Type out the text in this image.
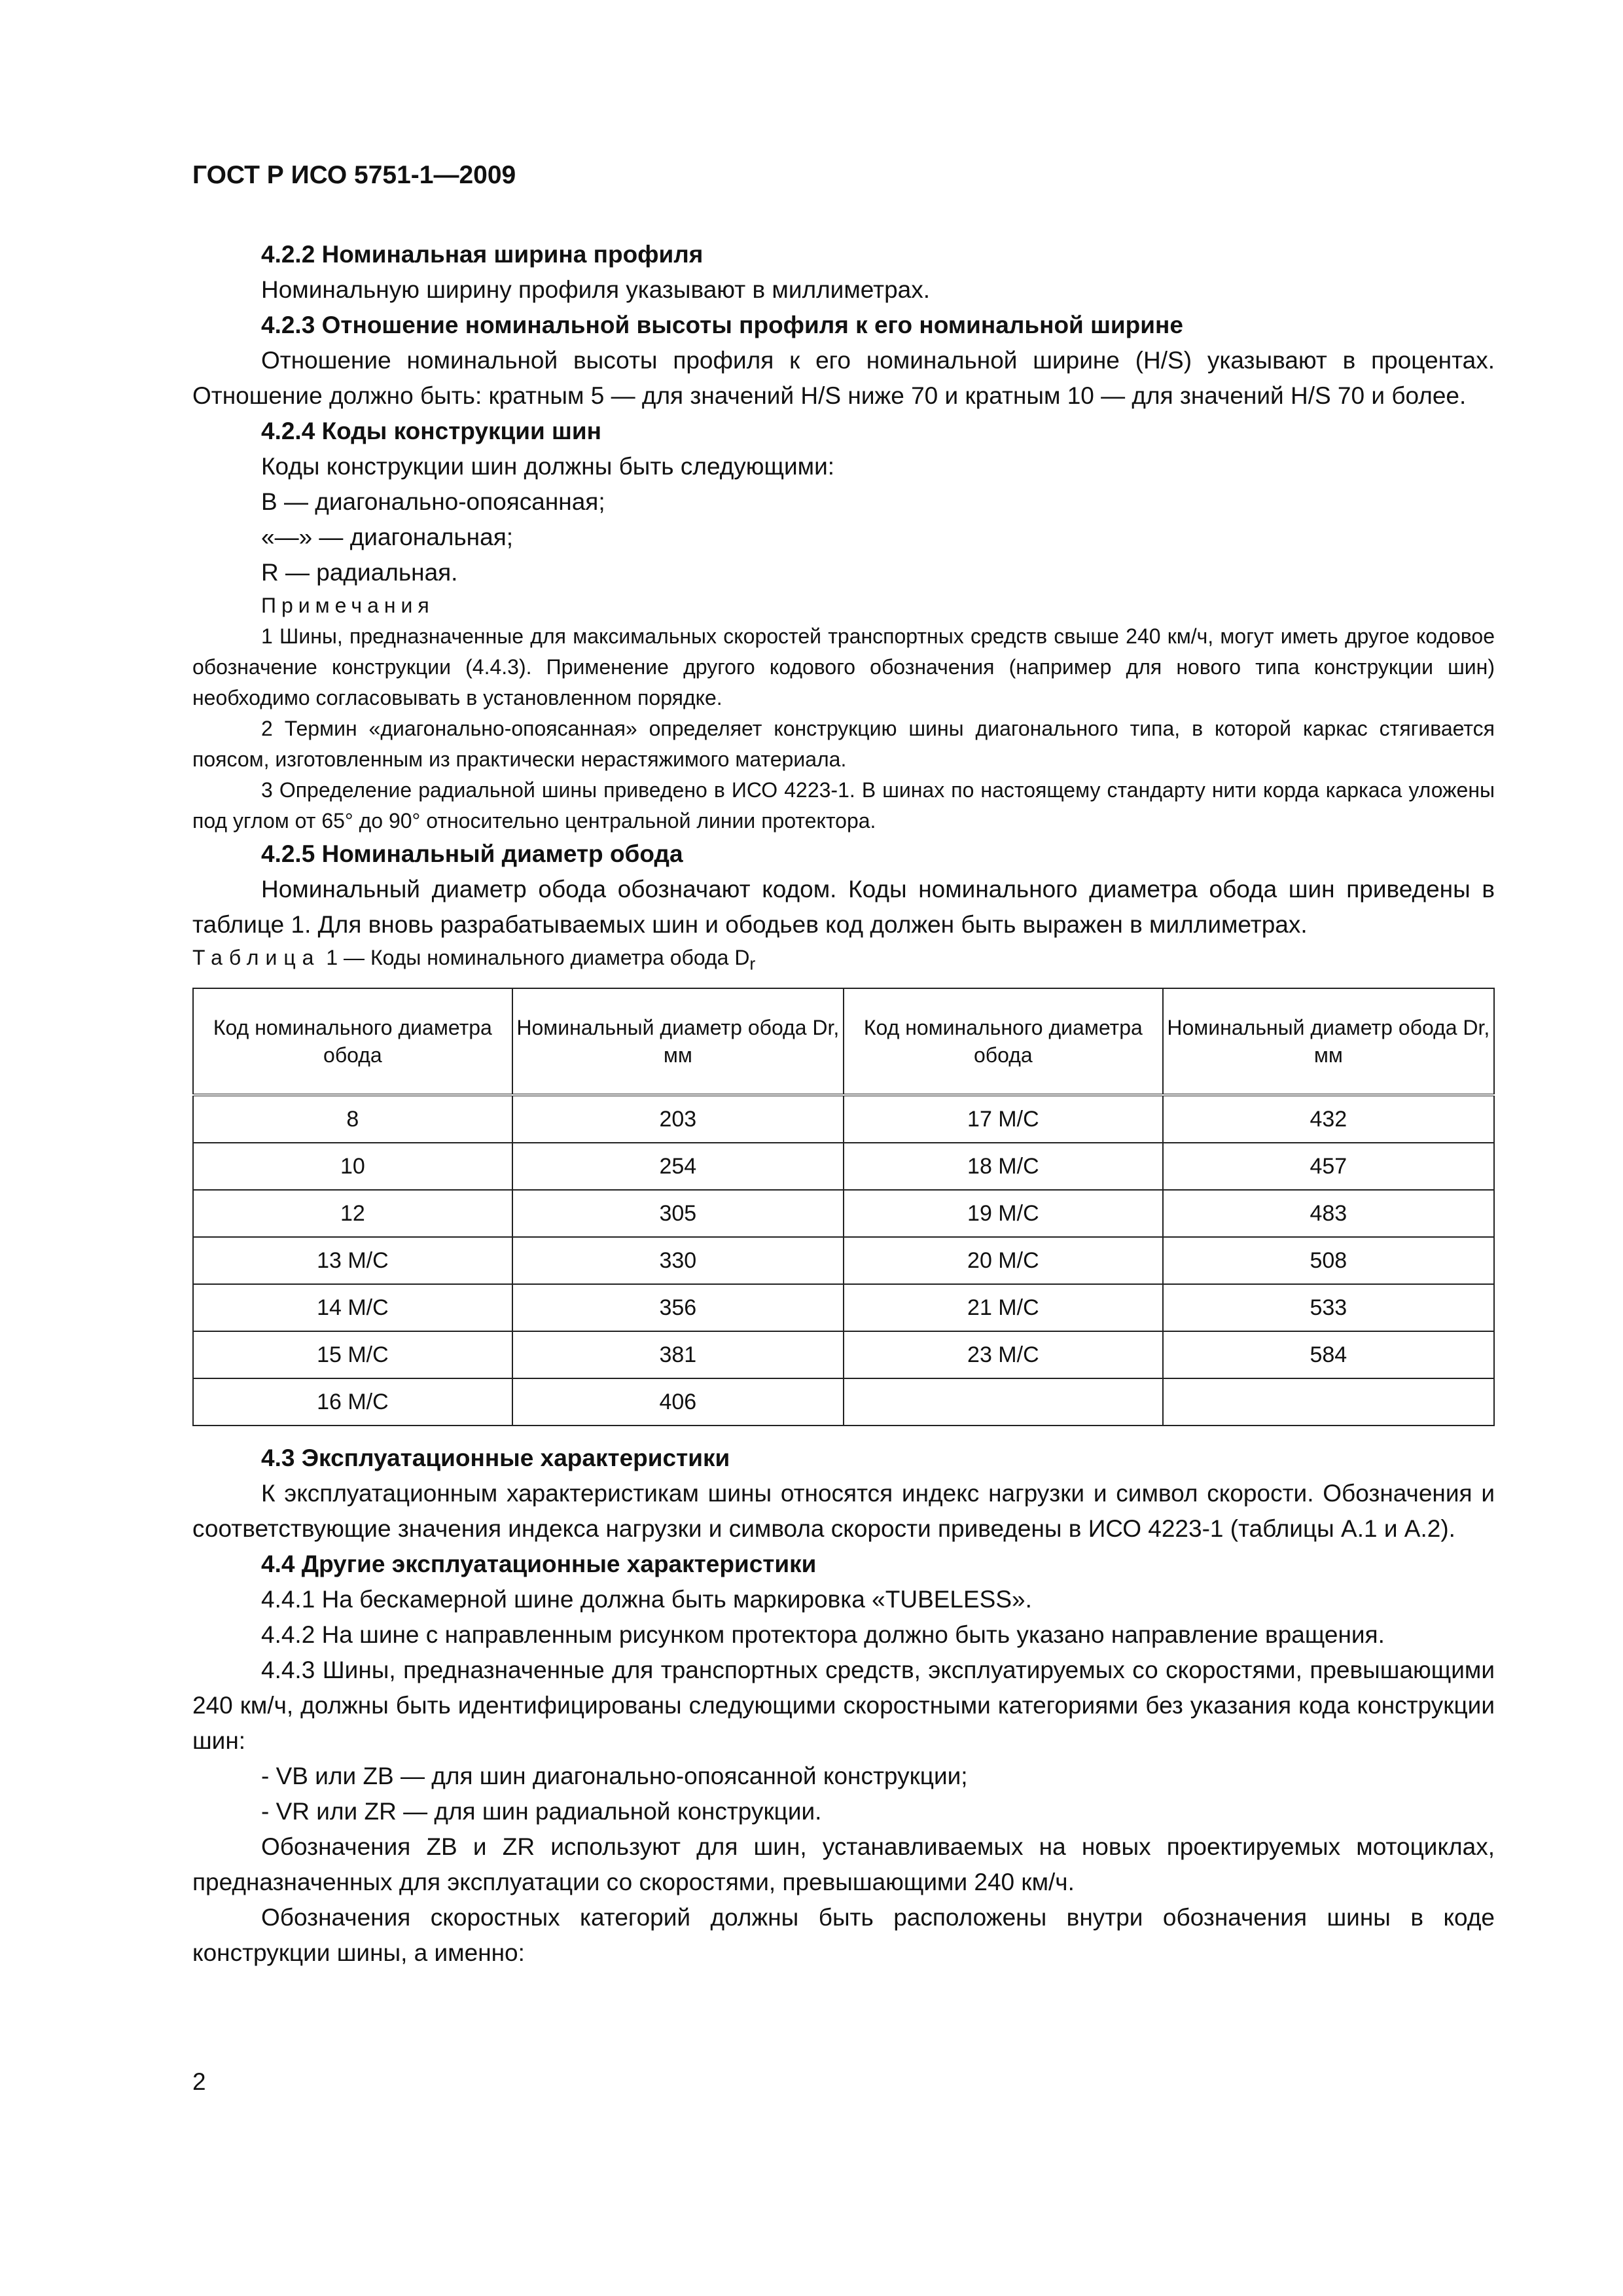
ГОСТ Р ИСО 5751-1—2009

4.2.2 Номинальная ширина профиля

Номинальную ширину профиля указывают в миллиметрах.

4.2.3 Отношение номинальной высоты профиля к его номинальной ширине

Отношение номинальной высоты профиля к его номинальной ширине (H/S) указывают в процентах. Отношение должно быть: кратным 5 — для значений H/S ниже 70 и кратным 10 — для значений H/S 70 и более.

4.2.4 Коды конструкции шин

Коды конструкции шин должны быть следующими:

B — диагонально-опоясанная;

«—» — диагональная;

R — радиальная.

Примечания

1 Шины, предназначенные для максимальных скоростей транспортных средств свыше 240 км/ч, могут иметь другое кодовое обозначение конструкции (4.4.3). Применение другого кодового обозначения (например для нового типа конструкции шин) необходимо согласовывать в установленном порядке.

2 Термин «диагонально-опоясанная» определяет конструкцию шины диагонального типа, в которой каркас стягивается поясом, изготовленным из практически нерастяжимого материала.

3 Определение радиальной шины приведено в ИСО 4223-1. В шинах по настоящему стандарту нити корда каркаса уложены под углом от 65° до 90° относительно центральной линии протектора.

4.2.5 Номинальный диаметр обода

Номинальный диаметр обода обозначают кодом. Коды номинального диаметра обода шин приведены в таблице 1. Для вновь разрабатываемых шин и ободьев код должен быть выражен в миллиметрах.

Таблица 1 — Коды номинального диаметра обода $D_r$

Код номинального диаметра обода	Номинальный диаметр обода Dr, мм	Код номинального диаметра обода	Номинальный диаметр обода Dr, мм
8	203	17 M/C	432
10	254	18 M/C	457
12	305	19 M/C	483
13 M/C	330	20 M/C	508
14 M/C	356	21 M/C	533
15 M/C	381	23 M/C	584
16 M/C	406		

4.3 Эксплуатационные характеристики

К эксплуатационным характеристикам шины относятся индекс нагрузки и символ скорости. Обозначения и соответствующие значения индекса нагрузки и символа скорости приведены в ИСО 4223-1 (таблицы А.1 и А.2).

4.4 Другие эксплуатационные характеристики

4.4.1 На бескамерной шине должна быть маркировка «TUBELESS».

4.4.2 На шине с направленным рисунком протектора должно быть указано направление вращения.

4.4.3 Шины, предназначенные для транспортных средств, эксплуатируемых со скоростями, превышающими 240 км/ч, должны быть идентифицированы следующими скоростными категориями без указания кода конструкции шин:

- VB или ZB — для шин диагонально-опоясанной конструкции;

- VR или ZR — для шин радиальной конструкции.

Обозначения ZB и ZR используют для шин, устанавливаемых на новых проектируемых мотоциклах, предназначенных для эксплуатации со скоростями, превышающими 240 км/ч.

Обозначения скоростных категорий должны быть расположены внутри обозначения шины в коде конструкции шины, а именно:

2
